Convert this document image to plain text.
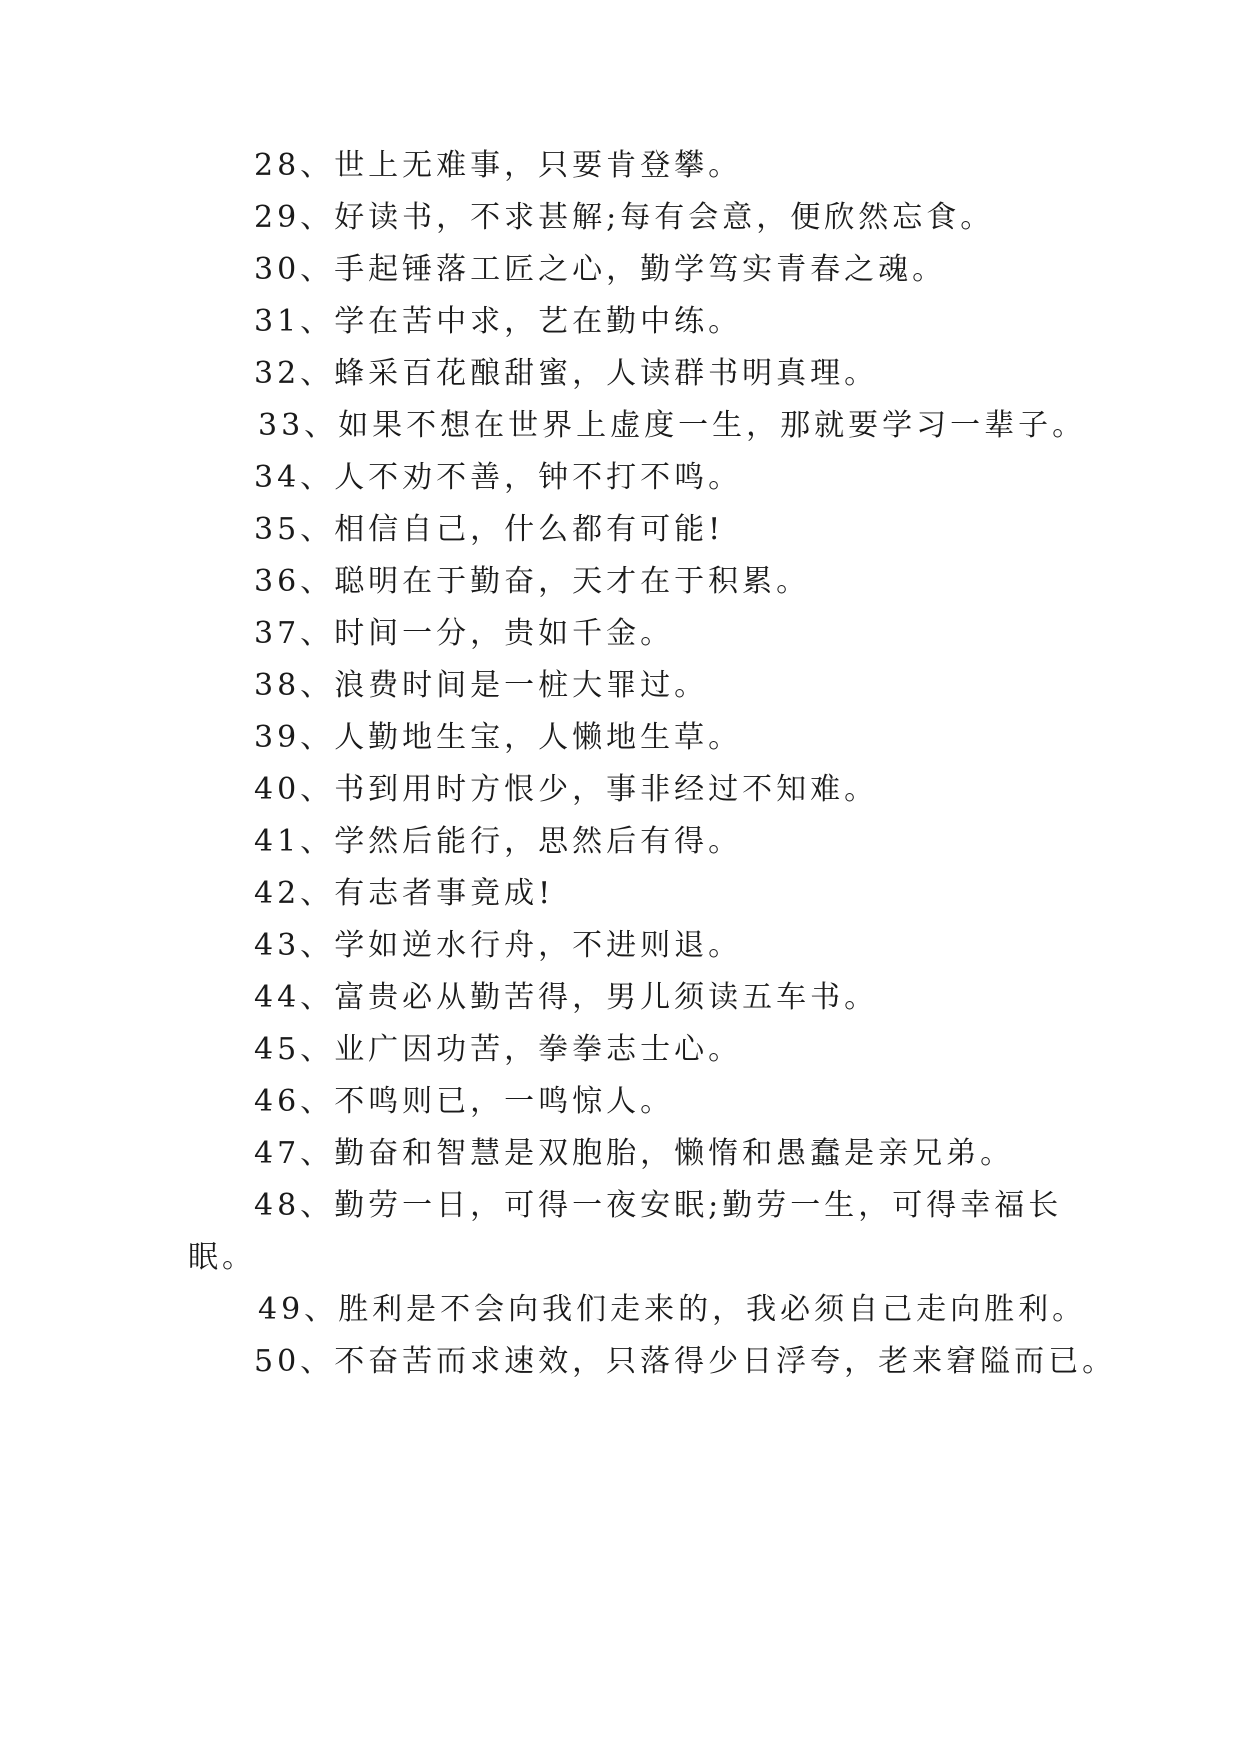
28、世上无难事，只要肯登攀。
29、好读书，不求甚解;每有会意，便欣然忘食。
30、手起锤落工匠之心，勤学笃实青春之魂。
31、学在苦中求，艺在勤中练。
32、蜂采百花酿甜蜜，人读群书明真理。
33、如果不想在世界上虚度一生，那就要学习一辈子。
34、人不劝不善，钟不打不鸣。
35、相信自己，什么都有可能!
36、聪明在于勤奋，天才在于积累。
37、时间一分，贵如千金。
38、浪费时间是一桩大罪过。
39、人勤地生宝，人懒地生草。
40、书到用时方恨少，事非经过不知难。
41、学然后能行，思然后有得。
42、有志者事竟成!
43、学如逆水行舟，不进则退。
44、富贵必从勤苦得，男儿须读五车书。
45、业广因功苦，拳拳志士心。
46、不鸣则已，一鸣惊人。
47、勤奋和智慧是双胞胎，懒惰和愚蠢是亲兄弟。
48、勤劳一日，可得一夜安眠;勤劳一生，可得幸福长
眠。
49、胜利是不会向我们走来的，我必须自己走向胜利。
50、不奋苦而求速效，只落得少日浮夸，老来窘隘而已。
